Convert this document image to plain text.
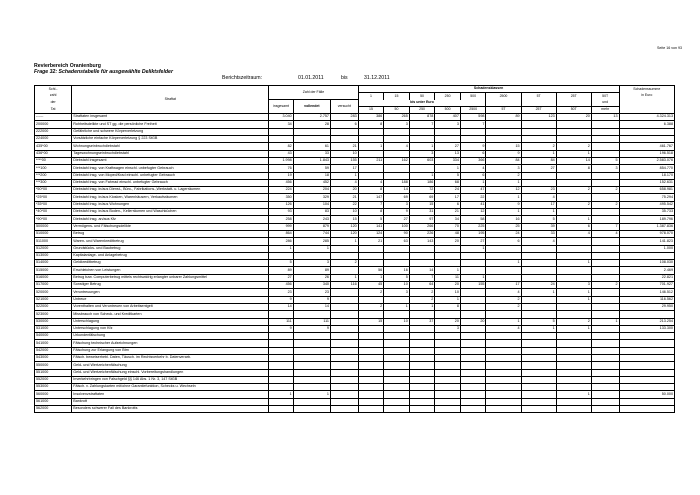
Seite 16 von 93
Revierbereich Oranienburg
Frage 32: Schadenstabelle für ausgewählte Deliktsfelder
Berichtszeitraum:	01.01.2011	bis	31.12.2011
Schl.-	Straftat	Zahl der Fälle			Schadensklassen									Schadenssumme
zahl					1	15	50	250	500	2500	5T	25T	50T	in Euro
der		insgesamt	vollendet	versucht	bis unter Euro								und	
Tat					15	50	250	500	2500	5T	25T	50T	mehr	
------	Straftaten insgesamt	3.040	2.757	283	386	265	878	407	598	89	123	20	13	4.324.313
200000	Rohheitsdelikte und ST gg. die persönliche Freiheit	34	28	6	8	3	7	3	7					6.388
222000	Gefährliche und schwere Körperverletzung													
224000	Vorsätzliche einfache Körperverletzung § 223 StGB													
435*00	Wohnungseinbruchdiebstahl	82	61	21	1	4	1	27	9	15	2	2		461.767
436*00	Tageswohnungseinbruchdiebstahl	43	33	10			3	13	6	9	1	1		196.518
****00	Diebstahl insgesamt	1.998	1.843	155	211	162	603	334	366	84	84	14	5	2.583.076
***100	Diebstahl insg. von Kraftwagen einschl. unbefugter Gebrauch	76	59	17				1	4	3	27	8	3	854.770
***200	Diebstahl insg. von Moped/Krad einschl. unbefugter Gebrauch	19	18	1			1	5	6	2				18.170
***300	Diebstahl insg. von Fahrrad einschl. unbefugter Gebrauch	456	452	4	4	188	186	68	1	1				152.631
*50*00	Diebstahl insg. in/aus Dienst-, Büro-, Fabrikations-,Werkstatt- u. Lagerräumen	224	204	20	8	14	72	24	47	12	23	2	2	658.981
*25*00	Diebstahl insg. in/aus Kiosken, Warenhäusern, Verkaufsräumen	350	329	21	147	69	69	17	22	1	4			75.294
*35*00	Diebstahl insg. in/aus Wohnungen	126	104	22	7	3	15	6	41	9	17	2	2	495.542
*40*00	Diebstahl insg. in/aus Boden-, Kellerräumen und Waschküchen	93	83	10	8	9	31	21	12	1	1			35.733
*90*00	Diebstahl insg. an/aus Kfz	258	243	15	5	27	97	34	58	16	5	1		189.796
500000	Vermögens- und Fälschungsdelikte	999	879	120	141	100	266	70	225	25	39	6	7	1.387.836
510000	Betrug	864	744	120	124	90	226	48	195	24	33	4	4	978.070
511000	Waren- und Warenkreditbetrug	286	285	1	21	63	143	20	27	6	4			141.823
512000	Grundstücks- und Baubetrug	1	1						1					1.000
513000	Kapitalanlage- und Anlagebetrug													
514000	Geldkreditbetrug	5	3	2						1		1		108.030
515000	Erschleichen von Leistungen	89	89		56	16	14	1						2.469
516000	Betrug bzw. Computerbetrug mittels rechtswidrig erlangter unbarer Zahlungsmittel	27	26	1	1	5	7	11	1					22.821
517000	Sonstiger Betrug	456	340	116	45	10	64	20	155	17	24	3	2	701.927
520000	Veruntreuungen	23	23		2	3	2	10		4	1	1		146.512
521000	Untreue	9	9				2	1		2		1		116.562
522000	Vorenthalten und Veruntreuen von Arbeitsentgelt	14	14		2	1	1	8		2				29.950
523000	Missbrauch von Scheck- und Kreditkarten													
530000	Unterschlagung	111	111		15	10	37	20	20	1	5	2	1	213.254
531000	Unterschlagung von Kfz	9	9					3		4	1	1		133.300
540000	Urkundenfälschung													
541000	Fälschung technischer Aufzeichnungen													
542000	Fälschung zur Erlangung von Btm													
543000	Fälsch. beweiserhebl. Daten, Täusch. im Rechtsverkehr b. Datenverarb.													
550000	Geld- und Wertzeichenfälschung													
551000	Geld- und Wertzeichenfälschung einschl. Vorbereitungshandlungen													
552000	Inverkehrbringen von Falschgeld §§ 146 Abs. 1 Nr. 3, 147 StGB													
553000	Fälsch. v. Zahlungskarten mit/ohne Garantiefunktion, Schecks u. Wechseln													
560000	Insolvenzstraftaten	1	1									1		50.000
561000	Bankrott													
562000	Besonders schwerer Fall des Bankrotts													
